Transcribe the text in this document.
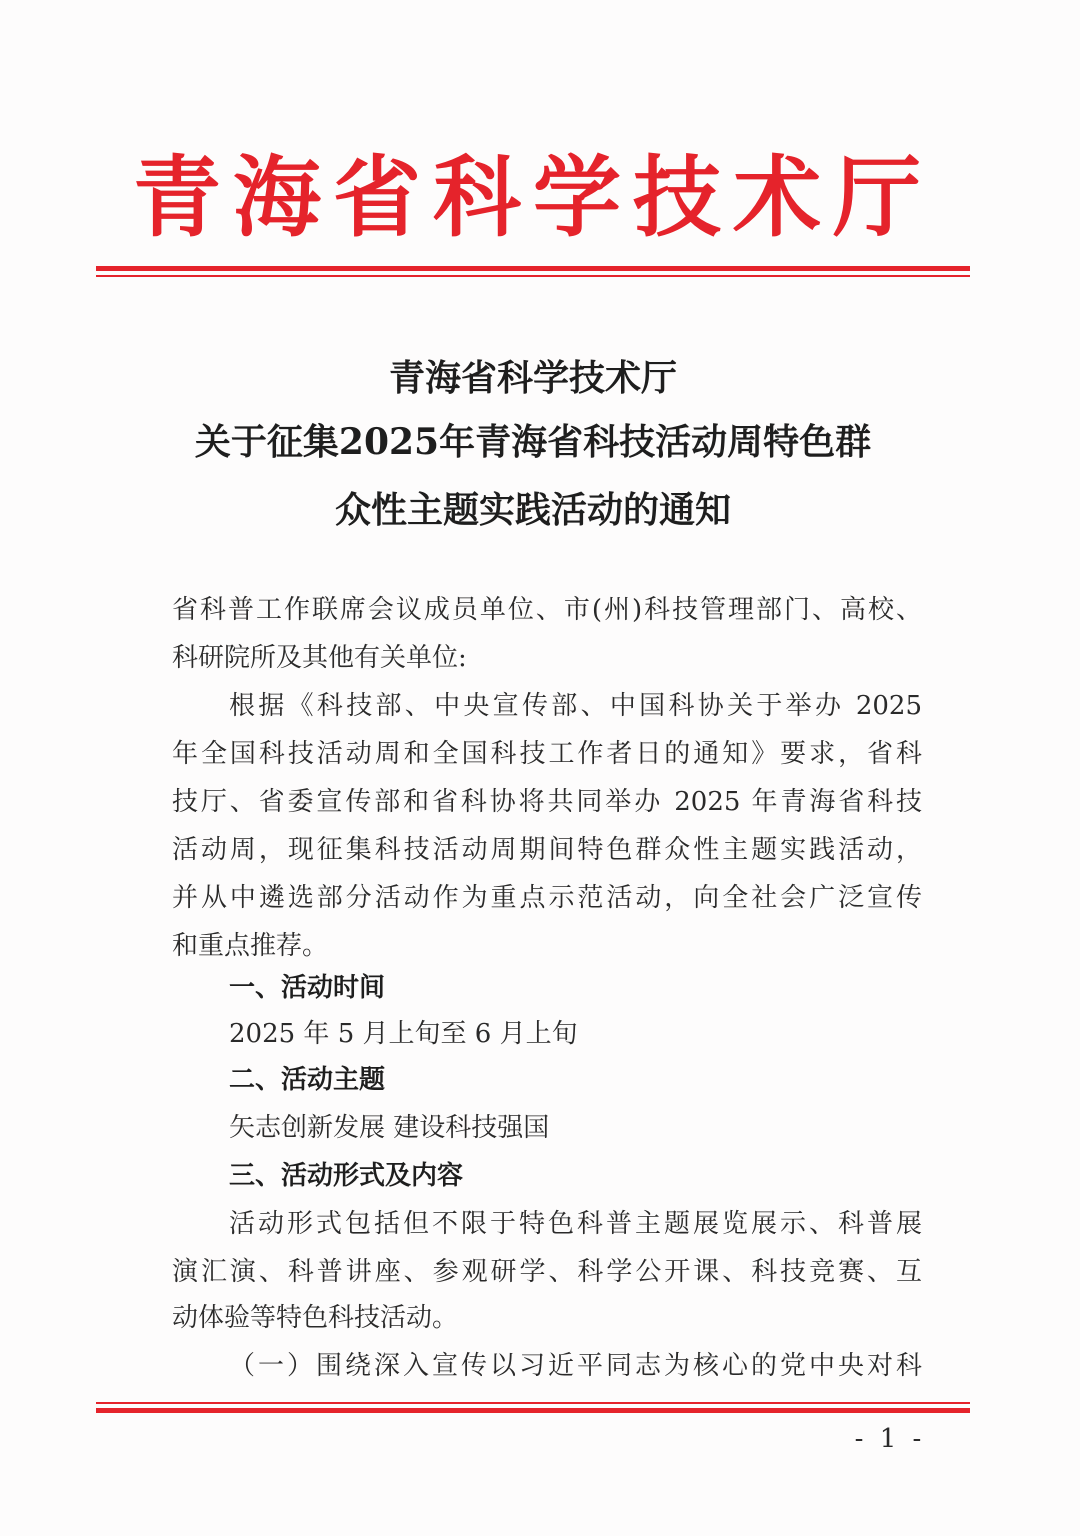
青海省科学技术厅
青海省科学技术厅
关于征集2025年青海省科技活动周特色群
众性主题实践活动的通知
省科普工作联席会议成员单位、市(州)科技管理部门、高校、
科研院所及其他有关单位:
根据《科技部、中央宣传部、中国科协关于举办 2025
年全国科技活动周和全国科技工作者日的通知》要求，省科
技厅、省委宣传部和省科协将共同举办 2025 年青海省科技
活动周，现征集科技活动周期间特色群众性主题实践活动，
并从中遴选部分活动作为重点示范活动，向全社会广泛宣传
和重点推荐。
一、活动时间
2025 年 5 月上旬至 6 月上旬
二、活动主题
矢志创新发展 建设科技强国
三、活动形式及内容
活动形式包括但不限于特色科普主题展览展示、科普展
演汇演、科普讲座、参观研学、科学公开课、科技竞赛、互
动体验等特色科技活动。
（一）围绕深入宣传以习近平同志为核心的党中央对科
- 1 -
